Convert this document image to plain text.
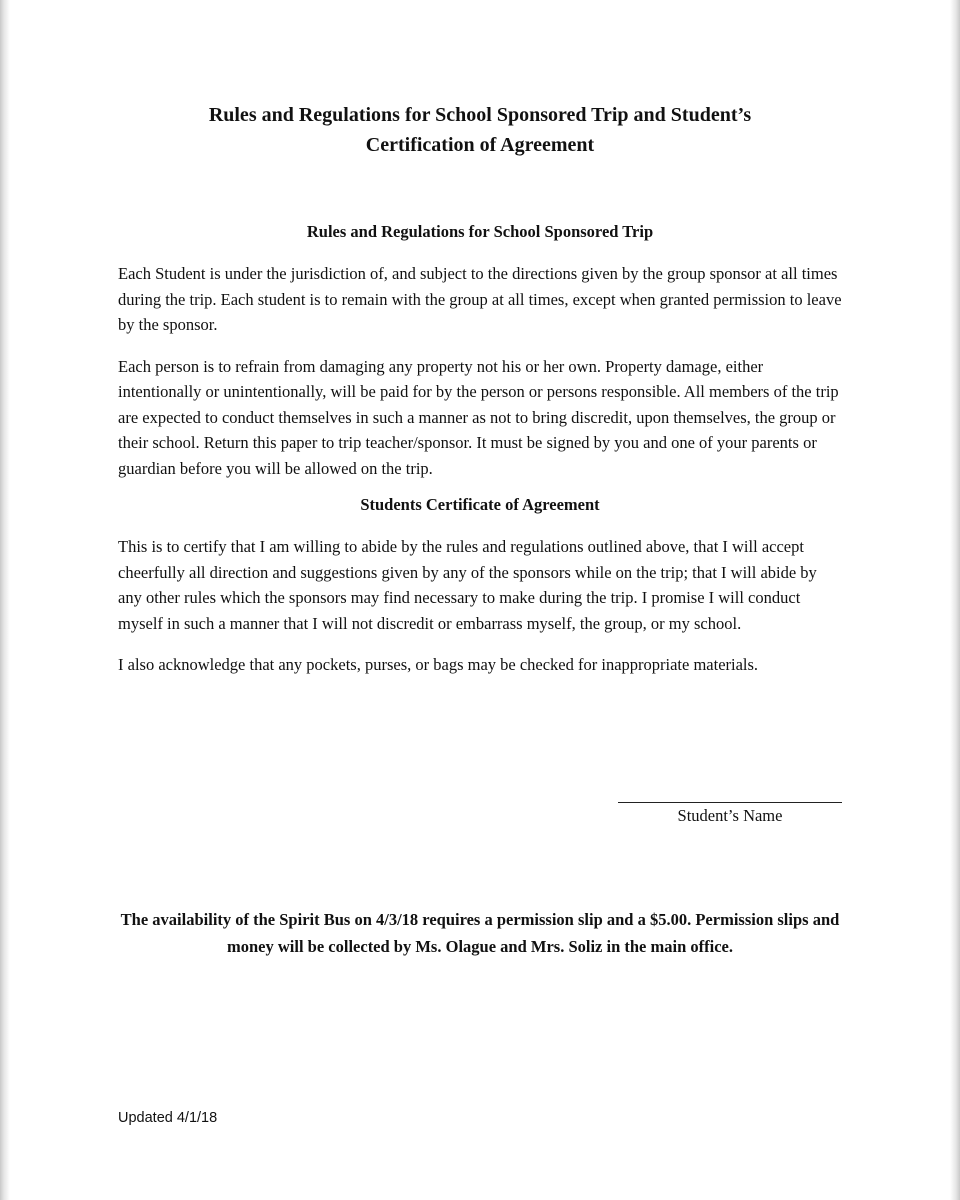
Rules and Regulations for School Sponsored Trip and Student’s Certification of Agreement
Rules and Regulations for School Sponsored Trip

Each Student is under the jurisdiction of, and subject to the directions given by the group sponsor at all times during the trip. Each student is to remain with the group at all times, except when granted permission to leave by the sponsor.

Each person is to refrain from damaging any property not his or her own. Property damage, either intentionally or unintentionally, will be paid for by the person or persons responsible. All members of the trip are expected to conduct themselves in such a manner as not to bring discredit, upon themselves, the group or their school. Return this paper to trip teacher/sponsor. It must be signed by you and one of your parents or guardian before you will be allowed on the trip.

Students Certificate of Agreement

This is to certify that I am willing to abide by the rules and regulations outlined above, that I will accept cheerfully all direction and suggestions given by any of the sponsors while on the trip; that I will abide by any other rules which the sponsors may find necessary to make during the trip. I promise I will conduct myself in such a manner that I will not discredit or embarrass myself, the group, or my school.

I also acknowledge that any pockets, purses, or bags may be checked for inappropriate materials.

Student’s Name

The availability of the Spirit Bus on 4/3/18 requires a permission slip and a $5.00. Permission slips and money will be collected by Ms. Olague and Mrs. Soliz in the main office.

Updated 4/1/18
